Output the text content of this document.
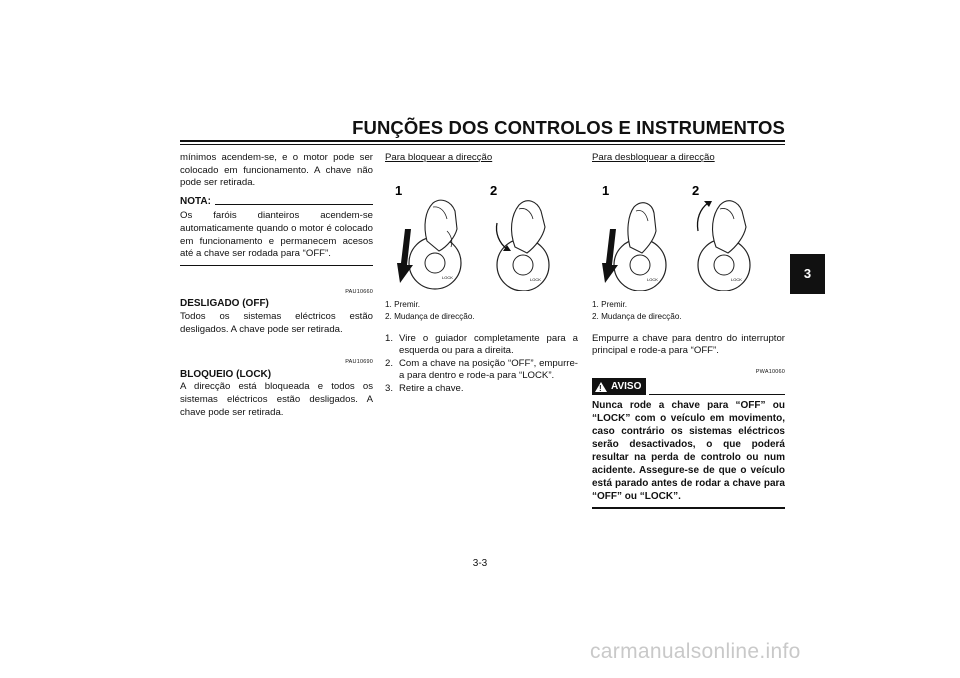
FUNÇÕES DOS CONTROLOS E INSTRUMENTOS
3

mínimos acendem-se, e o motor pode ser colocado em funcionamento. A chave não pode ser retirada.

NOTA:

Os faróis dianteiros acendem-se automaticamente quando o motor é colocado em funcionamento e permanecem acesos até a chave ser rodada para “OFF”.

PAU10660
DESLIGADO (OFF)

Todos os sistemas eléctricos estão desligados. A chave pode ser retirada.

PAU10690
BLOQUEIO (LOCK)

A direcção está bloqueada e todos os sistemas eléctricos estão desligados. A chave pode ser retirada.

Para bloquear a direcção
1	2
LOCK	LOCK
1. Premir.
2. Mudança de direcção.
1. Vire o guiador completamente para a esquerda ou para a direita.
2. Com a chave na posição “OFF”, empurre-a para dentro e rode-a para “LOCK”.
3. Retire a chave.
Para desbloquear a direcção
1	2
LOCK	LOCK
1. Premir.
2. Mudança de direcção.

Empurre a chave para dentro do interruptor principal e rode-a para “OFF”.

PWA10060
! AVISO

Nunca rode a chave para “OFF” ou “LOCK” com o veículo em movimento, caso contrário os sistemas eléctricos serão desactivados, o que poderá resultar na perda de controlo ou num acidente. Assegure-se de que o veículo está parado antes de rodar a chave para “OFF” ou “LOCK”.

3-3
carmanualsonline.info
